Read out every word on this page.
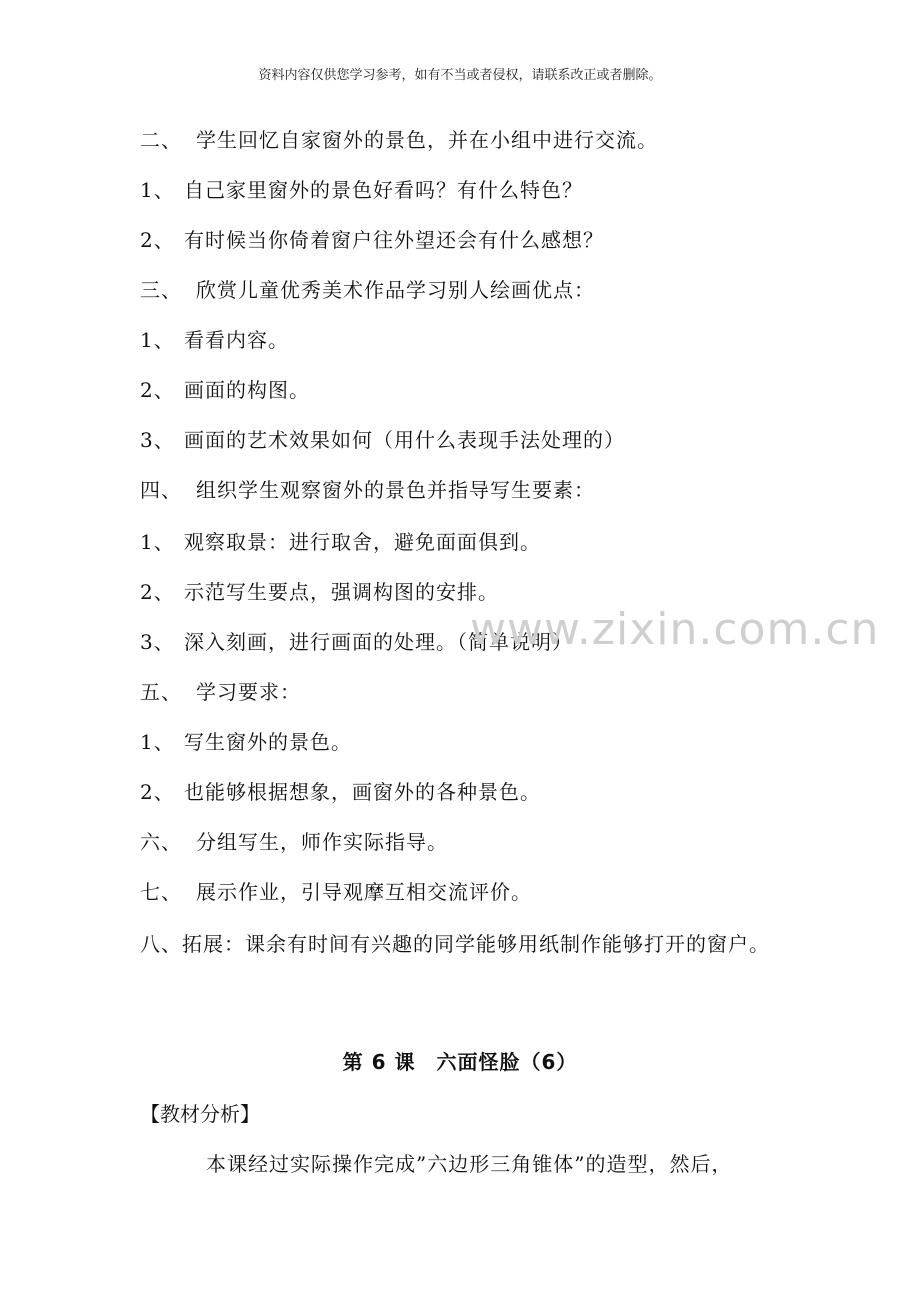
资料内容仅供您学习参考，如有不当或者侵权，请联系改正或者删除。
二、 学生回忆自家窗外的景色，并在小组中进行交流。
1、 自己家里窗外的景色好看吗？有什么特色？
2、 有时候当你倚着窗户往外望还会有什么感想？
三、 欣赏儿童优秀美术作品学习别人绘画优点：
1、 看看内容。
2、 画面的构图。
3、 画面的艺术效果如何（用什么表现手法处理的）
四、 组织学生观察窗外的景色并指导写生要素：
1、 观察取景：进行取舍，避免面面俱到。
2、 示范写生要点，强调构图的安排。
3、 深入刻画，进行画面的处理。（简单说明）
五、 学习要求：
1、 写生窗外的景色。
2、 也能够根据想象，画窗外的各种景色。
六、 分组写生，师作实际指导。
七、 展示作业，引导观摩互相交流评价。
八、拓展：课余有时间有兴趣的同学能够用纸制作能够打开的窗户。
www.zixin.com.cn
第 6 课　六面怪脸（6）
【教材分析】
本课经过实际操作完成”六边形三角锥体”的造型，然后，
